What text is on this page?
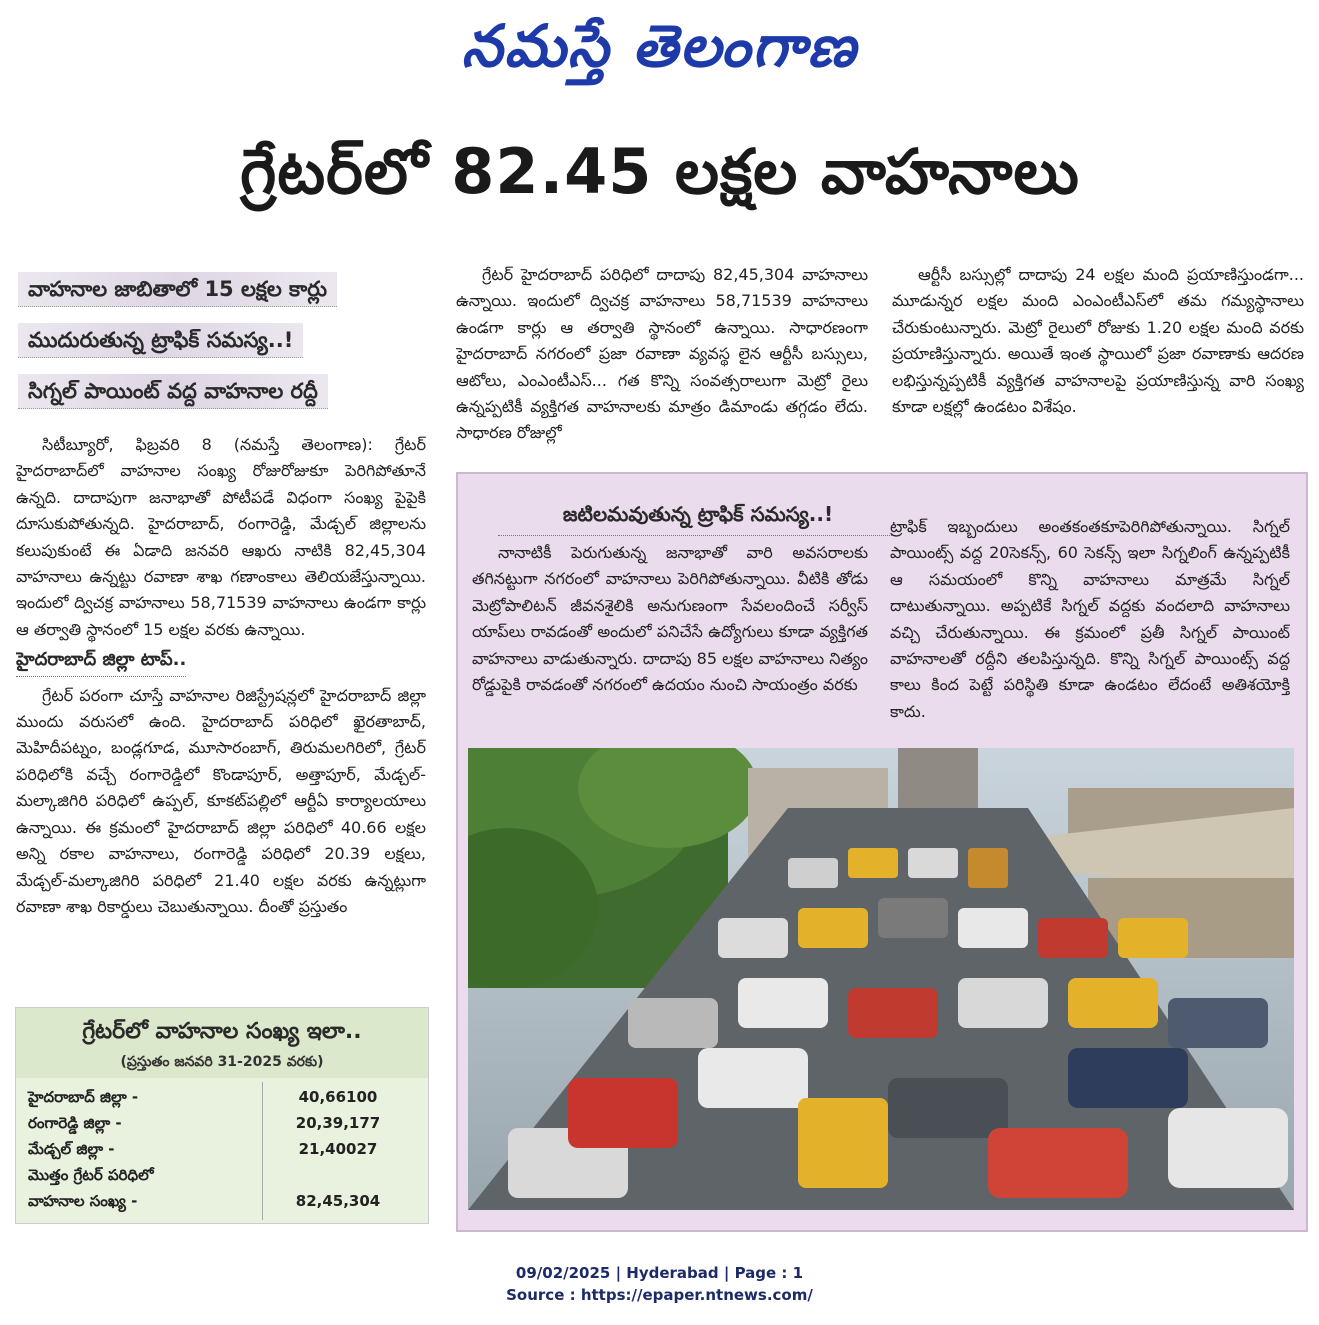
నమస్తే తెలంగాణ
గ్రేటర్‌లో 82.45 లక్షల వాహనాలు
వాహనాల జాబితాలో 15 లక్షల కార్లు
ముదురుతున్న ట్రాఫిక్ సమస్య..!
సిగ్నల్ పాయింట్ వద్ద వాహనాల రద్దీ

సిటీబ్యూరో, ఫిబ్రవరి 8 (నమస్తే తెలంగాణ): గ్రేటర్ హైదరాబాద్‌లో వాహనాల సంఖ్య రోజురోజుకూ పెరిగిపోతూనే ఉన్నది. దాదాపుగా జనాభాతో పోటీపడే విధంగా సంఖ్య పైపైకి దూసుకుపోతున్నది. హైదరాబాద్, రంగారెడ్డి, మేడ్చల్ జిల్లాలను కలుపుకుంటే ఈ ఏడాది జనవరి ఆఖరు నాటికి 82,45,304 వాహనాలు ఉన్నట్టు రవాణా శాఖ గణాంకాలు తెలియజేస్తున్నాయి. ఇందులో ద్విచక్ర వాహనాలు 58,71539 వాహనాలు ఉండగా కార్లు ఆ తర్వాతి స్థానంలో 15 లక్షల వరకు ఉన్నాయి.

హైదరాబాద్ జిల్లా టాప్..

గ్రేటర్ పరంగా చూస్తే వాహనాల రిజిస్ట్రేషన్లలో హైదరాబాద్ జిల్లా ముందు వరుసలో ఉంది. హైదరాబాద్ పరిధిలో ఖైరతాబాద్, మెహిదీపట్నం, బండ్లగూడ, మూసారంబాగ్, తిరుమలగిరిలో, గ్రేటర్ పరిధిలోకి వచ్చే రంగారెడ్డిలో కొండాపూర్, అత్తాపూర్, మేడ్చల్-మల్కాజిగిరి పరిధిలో ఉప్పల్, కూకట్‌పల్లిలో ఆర్టీఏ కార్యాలయాలు ఉన్నాయి. ఈ క్రమంలో హైదరాబాద్ జిల్లా పరిధిలో 40.66 లక్షల అన్ని రకాల వాహనాలు, రంగారెడ్డి పరిధిలో 20.39 లక్షలు, మేడ్చల్-మల్కాజిగిరి పరిధిలో 21.40 లక్షల వరకు ఉన్నట్లుగా రవాణా శాఖ రికార్డులు చెబుతున్నాయి. దీంతో ప్రస్తుతం

గ్రేటర్ హైదరాబాద్ పరిధిలో దాదాపు 82,45,304 వాహనాలు ఉన్నాయి. ఇందులో ద్విచక్ర వాహనాలు 58,71539 వాహనాలు ఉండగా కార్లు ఆ తర్వాతి స్థానంలో ఉన్నాయి. సాధారణంగా హైదరాబాద్ నగరంలో ప్రజా రవాణా వ్యవస్థ లైన ఆర్టీసీ బస్సులు, ఆటోలు, ఎంఎంటీఎస్... గత కొన్ని సంవత్సరాలుగా మెట్రో రైలు ఉన్నప్పటికీ వ్యక్తిగత వాహనాలకు మాత్రం డిమాండు తగ్గడం లేదు. సాధారణ రోజుల్లో

ఆర్టీసీ బస్సుల్లో దాదాపు 24 లక్షల మంది ప్రయాణిస్తుండగా... మూడున్నర లక్షల మంది ఎంఎంటీఎస్‌లో తమ గమ్యస్థానాలు చేరుకుంటున్నారు. మెట్రో రైలులో రోజుకు 1.20 లక్షల మంది వరకు ప్రయాణిస్తున్నారు. అయితే ఇంత స్థాయిలో ప్రజా రవాణాకు ఆదరణ లభిస్తున్నప్పటికీ వ్యక్తిగత వాహనాలపై ప్రయాణిస్తున్న వారి సంఖ్య కూడా లక్షల్లో ఉండటం విశేషం.

జటిలమవుతున్న ట్రాఫిక్ సమస్య..!

నానాటికీ పెరుగుతున్న జనాభాతో వారి అవసరాలకు తగినట్టుగా నగరంలో వాహనాలు పెరిగిపోతున్నాయి. వీటికి తోడు మెట్రోపాలిటన్ జీవనశైలికి అనుగుణంగా సేవలందించే సర్వీస్ యాప్‌లు రావడంతో అందులో పనిచేసే ఉద్యోగులు కూడా వ్యక్తిగత వాహనాలు వాడుతున్నారు. దాదాపు 85 లక్షల వాహనాలు నిత్యం రోడ్డుపైకి రావడంతో నగరంలో ఉదయం నుంచి సాయంత్రం వరకు

ట్రాఫిక్ ఇబ్బందులు అంతకంతకూపెరిగిపోతున్నాయి. సిగ్నల్ పాయింట్స్ వద్ద 20సెకన్స్, 60 సెకన్స్ ఇలా సిగ్నలింగ్ ఉన్నప్పటికీ ఆ సమయంలో కొన్ని వాహనాలు మాత్రమే సిగ్నల్ దాటుతున్నాయి. అప్పటికే సిగ్నల్ వద్దకు వందలాది వాహనాలు వచ్చి చేరుతున్నాయి. ఈ క్రమంలో ప్రతీ సిగ్నల్ పాయింట్ వాహనాలతో రద్దీని తలపిస్తున్నది. కొన్ని సిగ్నల్ పాయింట్స్ వద్ద కాలు కింద పెట్టే పరిస్థితి కూడా ఉండటం లేదంటే అతిశయోక్తి కాదు.

గ్రేటర్‌లో వాహనాల సంఖ్య ఇలా..
(ప్రస్తుతం జనవరి 31-2025 వరకు)
హైదరాబాద్ జిల్లా -	40,66100
రంగారెడ్డి జిల్లా -	20,39,177
మేడ్చల్ జిల్లా -	21,40027
మొత్తం గ్రేటర్ పరిధిలో
వాహనాల సంఖ్య -	82,45,304
09/02/2025 | Hyderabad | Page : 1
Source : https://epaper.ntnews.com/
